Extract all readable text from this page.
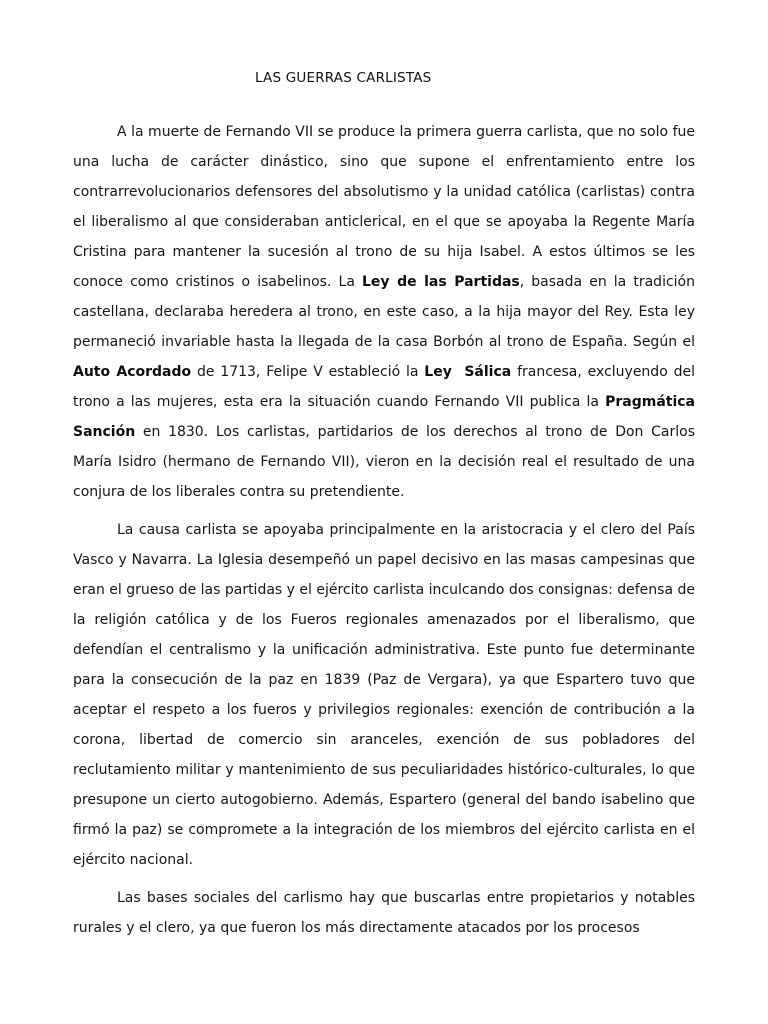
LAS GUERRAS CARLISTAS

A la muerte de Fernando VII se produce la primera guerra carlista, que no solo fue una lucha de carácter dinástico, sino que supone el enfrentamiento entre los contrarrevolucionarios defensores del absolutismo y la unidad católica (carlistas) contra el liberalismo al que consideraban anticlerical, en el que se apoyaba la Regente María Cristina para mantener la sucesión al trono de su hija Isabel. A estos últimos se les conoce como cristinos o isabelinos. La Ley de las Partidas, basada en la tradición castellana, declaraba heredera al trono, en este caso, a la hija mayor del Rey. Esta ley permaneció invariable hasta la llegada de la casa Borbón al trono de España. Según el Auto Acordado de 1713, Felipe V estableció la Ley  Sálica francesa, excluyendo del trono a las mujeres, esta era la situación cuando Fernando VII publica la Pragmática Sanción en 1830. Los carlistas, partidarios de los derechos al trono de Don Carlos María Isidro (hermano de Fernando VII), vieron en la decisión real el resultado de una conjura de los liberales contra su pretendiente.

La causa carlista se apoyaba principalmente en la aristocracia y el clero del País Vasco y Navarra. La Iglesia desempeñó un papel decisivo en las masas campesinas que eran el grueso de las partidas y el ejército carlista inculcando dos consignas: defensa de la religión católica y de los Fueros regionales amenazados por el liberalismo, que defendían el centralismo y la unificación administrativa. Este punto fue determinante para la consecución de la paz en 1839 (Paz de Vergara), ya que Espartero tuvo que aceptar el respeto a los fueros y privilegios regionales: exención de contribución a la corona, libertad de comercio sin aranceles, exención de sus pobladores del reclutamiento militar y mantenimiento de sus peculiaridades histórico-culturales, lo que presupone un cierto autogobierno. Además, Espartero (general del bando isabelino que firmó la paz) se compromete a la integración de los miembros del ejército carlista en el ejército nacional.

Las bases sociales del carlismo hay que buscarlas entre propietarios y notables rurales y el clero, ya que fueron los más directamente atacados por los procesos
